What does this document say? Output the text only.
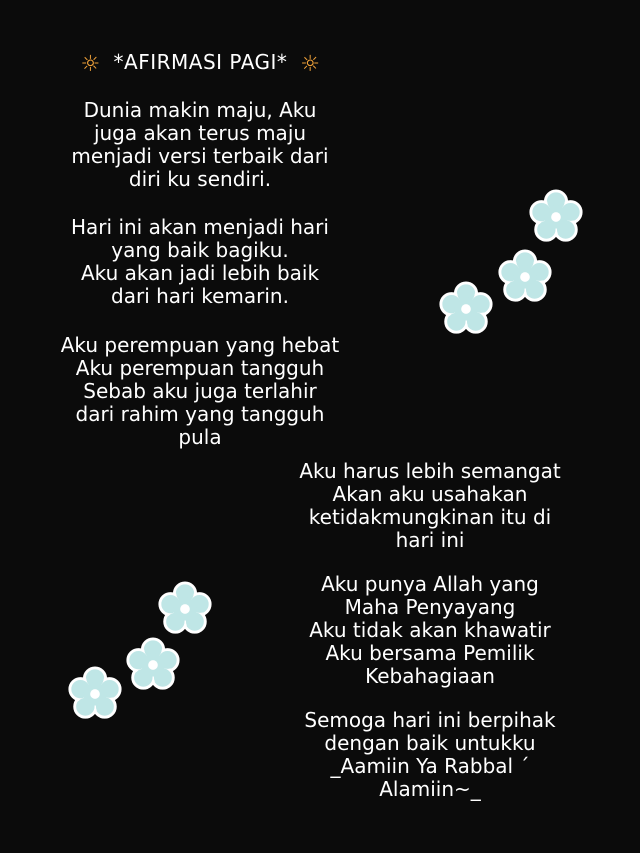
☼ *AFIRMASI PAGI* ☼
Dunia makin maju, Aku
juga akan terus maju
menjadi versi terbaik dari
diri ku sendiri.
Hari ini akan menjadi hari
yang baik bagiku.
Aku akan jadi lebih baik
dari hari kemarin.
Aku perempuan yang hebat
Aku perempuan tangguh
Sebab aku juga terlahir
dari rahim yang tangguh
pula
Aku harus lebih semangat
Akan aku usahakan
ketidakmungkinan itu di
hari ini
Aku punya Allah yang
Maha Penyayang
Aku tidak akan khawatir
Aku bersama Pemilik
Kebahagiaan
Semoga hari ini berpihak
dengan baik untukku
_Aamiin Ya Rabbal ´
Alamiin~_
